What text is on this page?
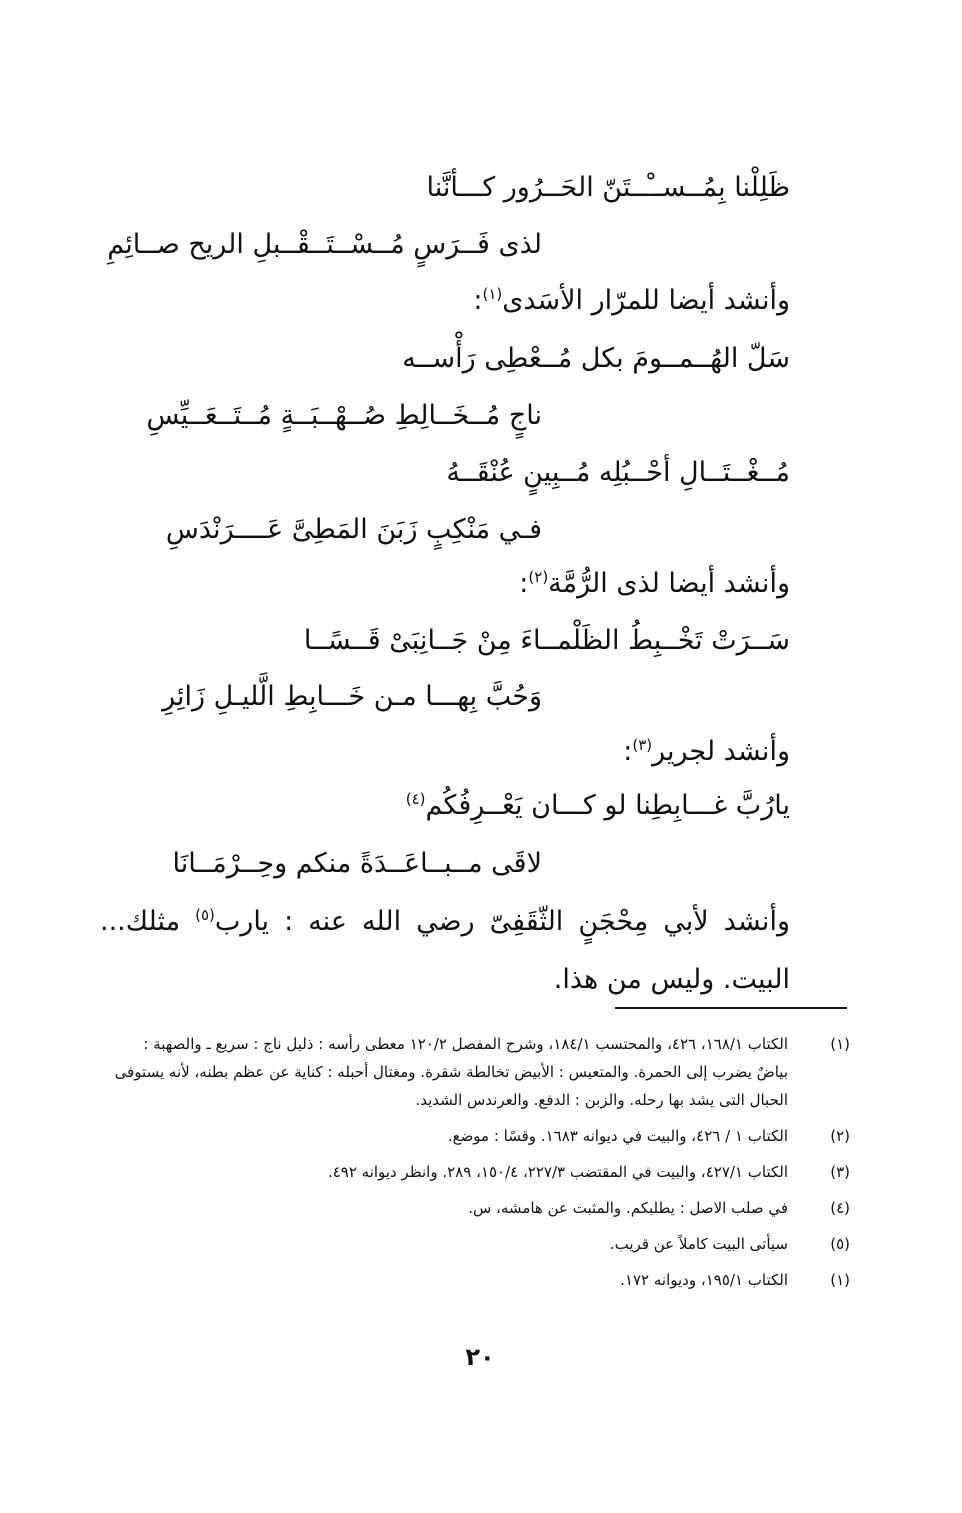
ظَلِلْنا بِمُــســْــتَنّ الحَــرُور كـــأنَّنا
لذى فَــرَسٍ مُــسْــتَــقْــبلِ الريح صــائِمِ
وأنشد أيضا للمرّار الأسَدى$^{(١)}$:
سَلّ الهُــمــومَ بكل مُــعْطِى رَأْســه
ناجٍ مُــخَــالِطِ صُــهْــبَــةٍ مُــتَــعَــيِّسِ
مُــغْــتَــالِ أحْــبُلِه مُــبِينٍ عُنْقَــهُ
فـي مَنْكِبٍ زَبَنَ المَطِىَّ عَــــرَنْدَسِ
وأنشد أيضا لذى الرُّمَّة$^{(٢)}$:
سَــرَتْ تَخْــبِطُ الظَلْمــاءَ مِنْ جَــانِبَىْ قَــسًــا
وَحُبَّ بِهـــا مـن خَـــابِطِ الَّليـلِ زَائِرِ
وأنشد لجرير$^{(٣)}$:
يارُبَّ غـــابِطِنا لو كـــان يَعْــرِفُكُم$^{(٤)}$
لاقَى مــبــاعَــدَةً منكم وحِــرْمَــانَا
وأنشد لأبي مِحْجَنٍ الثّقَفِىّ رضي الله عنه : يارب$^{(٥)}$ مثلك... البيت. وليس من هذا.
(١)
الكتاب ١٦٨/١، ٤٢٦، والمحتسب ١٨٤/١، وشرح المفصل ١٢٠/٢ معطى رأسه : ذليل ناج : سريع ـ والصهبة : بياضٌ يضرب إلى الحمرة. والمتعيس : الأبيض تخالطة شقرة. ومغتال أحبله : كناية عن عظم بطنه، لأنه يستوفى الحبال التى يشد بها رحله. والزبن : الدفع. والعرندس الشديد.
(٢)
الكتاب ١ / ٤٢٦، والبيت في ديوانه ١٦٨٣. وقسًا : موضع.
(٣)
الكتاب ٤٢٧/١، والبيت في المقتضب ٢٢٧/٣، ١٥٠/٤، ٢٨٩. وانظر ديوانه ٤٩٢.
(٤)
في صلب الاصل : يطلبكم. والمثبت عن هامشه، س.
(٥)
سيأتى البيت كاملاً عن قريب.
(١)
الكتاب ١٩٥/١، وديوانه ١٧٢.
٢٠
